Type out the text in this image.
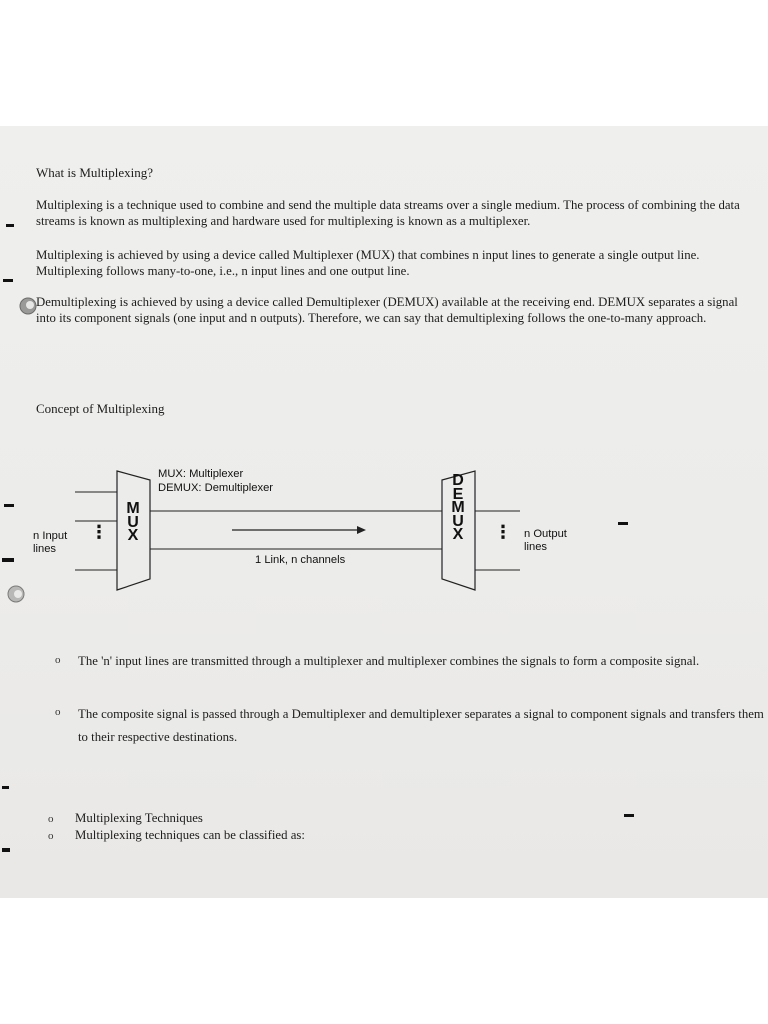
What is Multiplexing?
Multiplexing is a technique used to combine and send the multiple data streams over a single medium. The process of combining the data streams is known as multiplexing and hardware used for multiplexing is known as a multiplexer.
Multiplexing is achieved by using a device called Multiplexer (MUX) that combines n input lines to generate a single output line. Multiplexing follows many-to-one, i.e., n input lines and one output line.
Demultiplexing is achieved by using a device called Demultiplexer (DEMUX) available at the receiving end. DEMUX separates a signal into its component signals (one input and n outputs). Therefore, we can say that demultiplexing follows the one-to-many approach.
Concept of Multiplexing
MUX: Multiplexer
DEMUX: Demultiplexer
M
U
X
D
E
M
U
X
n Input
lines
⋮	⋮ n Output
lines
1 Link, n channels
o The 'n' input lines are transmitted through a multiplexer and multiplexer combines the signals to form a composite signal.
o The composite signal is passed through a Demultiplexer and demultiplexer separates a signal to component signals and transfers them to their respective destinations.
o Multiplexing Techniques
o Multiplexing techniques can be classified as:
